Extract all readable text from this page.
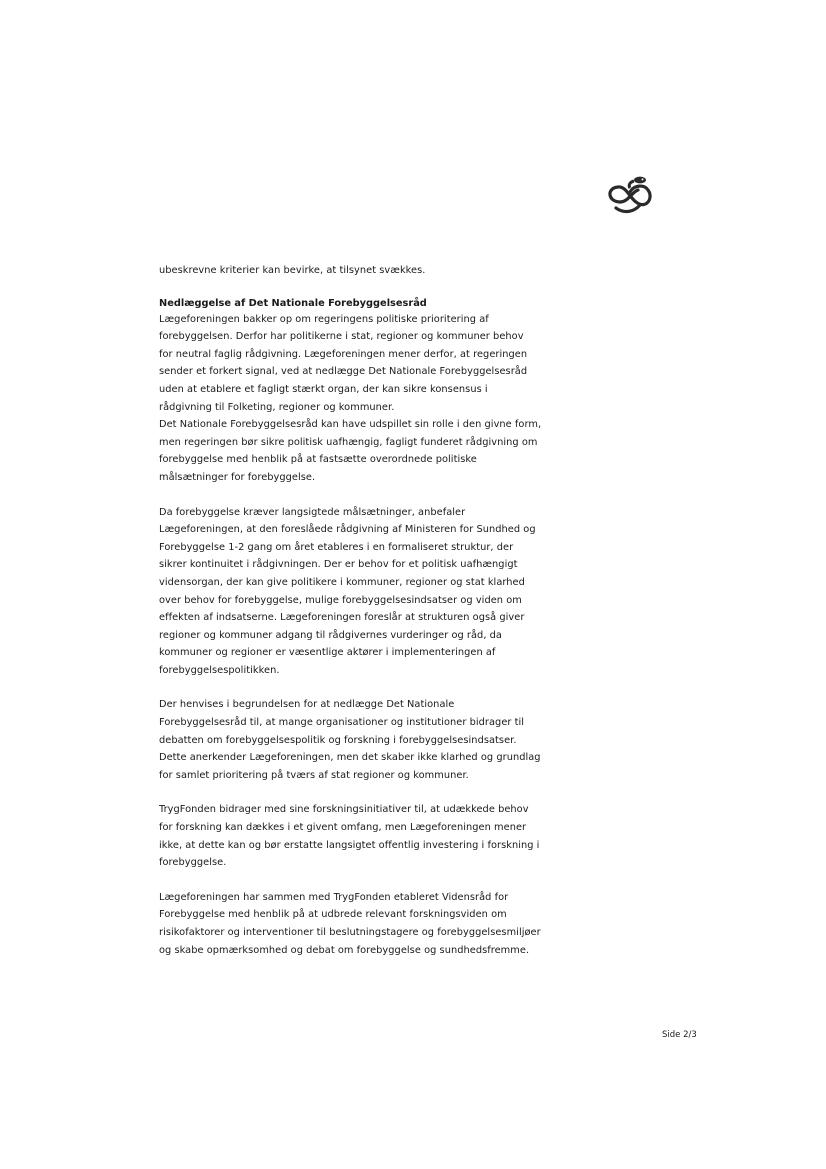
ubeskrevne kriterier kan bevirke, at tilsynet svækkes.
Nedlæggelse af Det Nationale Forebyggelsesråd
Lægeforeningen bakker op om regeringens politiske prioritering af
forebyggelsen. Derfor har politikerne i stat, regioner og kommuner behov
for neutral faglig rådgivning. Lægeforeningen mener derfor, at regeringen
sender et forkert signal, ved at nedlægge Det Nationale Forebyggelsesråd
uden at etablere et fagligt stærkt organ, der kan sikre konsensus i
rådgivning til Folketing, regioner og kommuner.
Det Nationale Forebyggelsesråd kan have udspillet sin rolle i den givne form,
men regeringen bør sikre politisk uafhængig, fagligt funderet rådgivning om
forebyggelse med henblik på at fastsætte overordnede politiske
målsætninger for forebyggelse.
Da forebyggelse kræver langsigtede målsætninger, anbefaler
Lægeforeningen, at den foreslåede rådgivning af Ministeren for Sundhed og
Forebyggelse 1-2 gang om året etableres i en formaliseret struktur, der
sikrer kontinuitet i rådgivningen. Der er behov for et politisk uafhængigt
vidensorgan, der kan give politikere i kommuner, regioner og stat klarhed
over behov for forebyggelse, mulige forebyggelsesindsatser og viden om
effekten af indsatserne. Lægeforeningen foreslår at strukturen også giver
regioner og kommuner adgang til rådgivernes vurderinger og råd, da
kommuner og regioner er væsentlige aktører i implementeringen af
forebyggelsespolitikken.
Der henvises i begrundelsen for at nedlægge Det Nationale
Forebyggelsesråd til, at mange organisationer og institutioner bidrager til
debatten om forebyggelsespolitik og forskning i forebyggelsesindsatser.
Dette anerkender Lægeforeningen, men det skaber ikke klarhed og grundlag
for samlet prioritering på tværs af stat regioner og kommuner.
TrygFonden bidrager med sine forskningsinitiativer til, at udækkede behov
for forskning kan dækkes i et givent omfang, men Lægeforeningen mener
ikke, at dette kan og bør erstatte langsigtet offentlig investering i forskning i
forebyggelse.
Lægeforeningen har sammen med TrygFonden etableret Vidensråd for
Forebyggelse med henblik på at udbrede relevant forskningsviden om
risikofaktorer og interventioner til beslutningstagere og forebyggelsesmiljøer
og skabe opmærksomhed og debat om forebyggelse og sundhedsfremme.
Side 2/3
